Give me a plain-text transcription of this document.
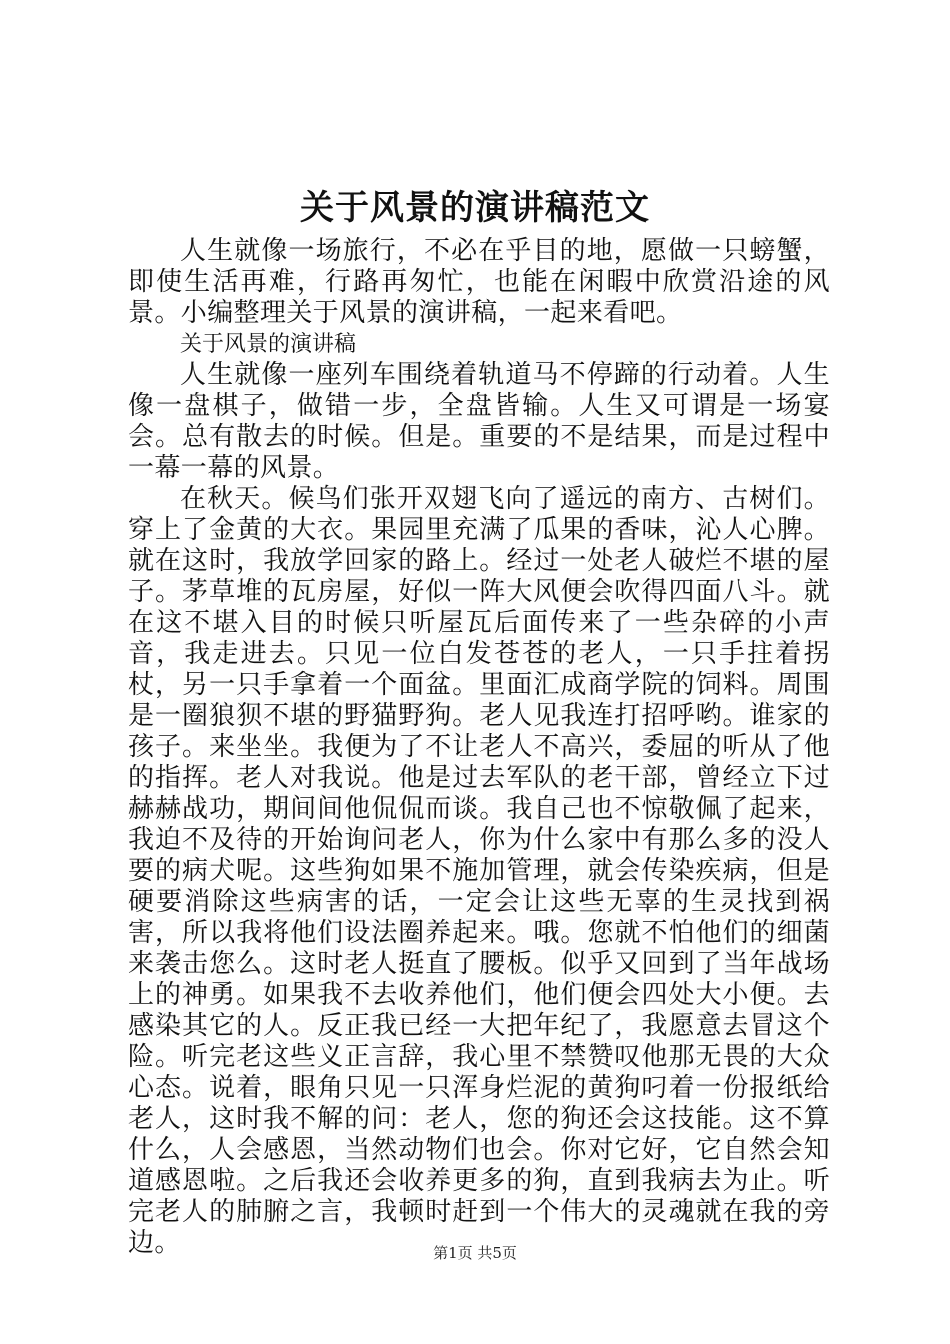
关于风景的演讲稿范文

人生就像一场旅行，不必在乎目的地，愿做一只螃蟹，即使生活再难，行路再匆忙，也能在闲暇中欣赏沿途的风景。小编整理关于风景的演讲稿，一起来看吧。

关于风景的演讲稿

人生就像一座列车围绕着轨道马不停蹄的行动着。人生像一盘棋子，做错一步，全盘皆输。人生又可谓是一场宴会。总有散去的时候。但是。重要的不是结果，而是过程中一幕一幕的风景。

在秋天。候鸟们张开双翅飞向了遥远的南方、古树们。穿上了金黄的大衣。果园里充满了瓜果的香味，沁人心脾。就在这时，我放学回家的路上。经过一处老人破烂不堪的屋子。茅草堆的瓦房屋，好似一阵大风便会吹得四面八斗。就在这不堪入目的时候只听屋瓦后面传来了一些杂碎的小声音，我走进去。只见一位白发苍苍的老人，一只手拄着拐杖，另一只手拿着一个面盆。里面汇成商学院的饲料。周围是一圈狼狈不堪的野猫野狗。老人见我连打招呼哟。谁家的孩子。来坐坐。我便为了不让老人不高兴，委屈的听从了他的指挥。老人对我说。他是过去军队的老干部，曾经立下过赫赫战功，期间间他侃侃而谈。我自己也不惊敬佩了起来，我迫不及待的开始询问老人，你为什么家中有那么多的没人要的病犬呢。这些狗如果不施加管理，就会传染疾病，但是硬要消除这些病害的话，一定会让这些无辜的生灵找到祸害，所以我将他们设法圈养起来。哦。您就不怕他们的细菌来袭击您么。这时老人挺直了腰板。似乎又回到了当年战场上的神勇。如果我不去收养他们，他们便会四处大小便。去感染其它的人。反正我已经一大把年纪了，我愿意去冒这个险。听完老这些义正言辞，我心里不禁赞叹他那无畏的大众心态。说着，眼角只见一只浑身烂泥的黄狗叼着一份报纸给老人，这时我不解的问：老人，您的狗还会这技能。这不算什么，人会感恩，当然动物们也会。你对它好，它自然会知道感恩啦。之后我还会收养更多的狗，直到我病去为止。听完老人的肺腑之言，我顿时赶到一个伟大的灵魂就在我的旁边。	第1页 共5页
